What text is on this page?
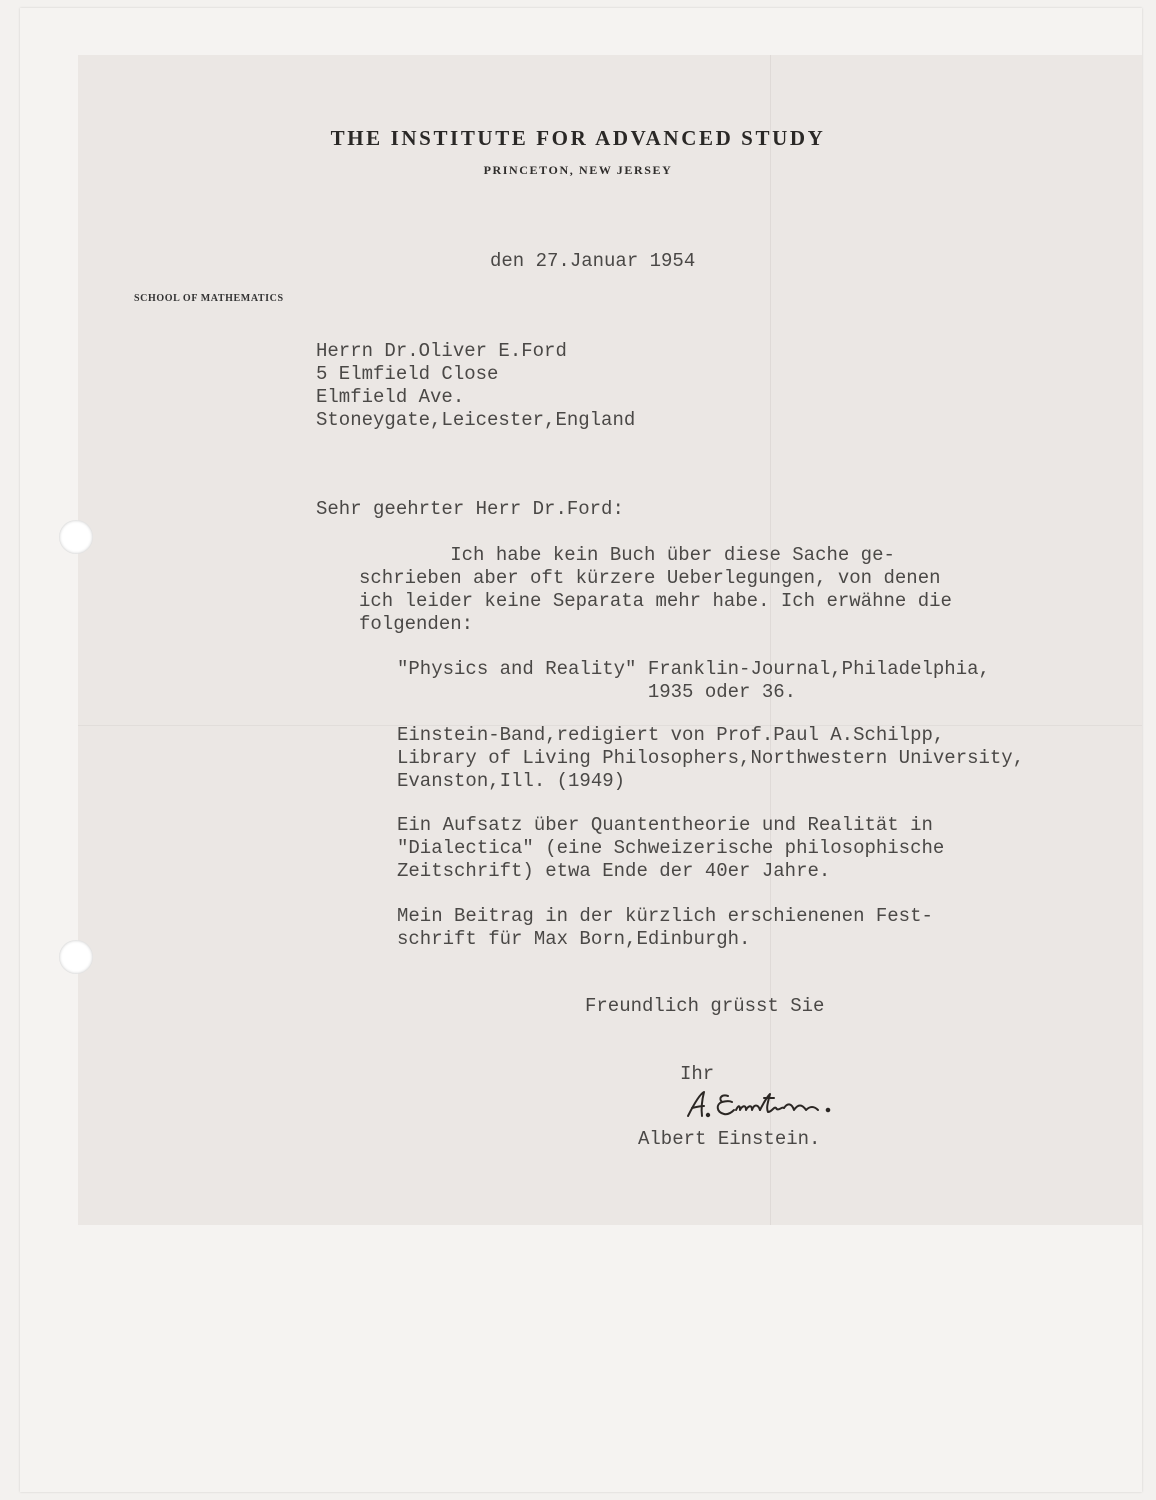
THE INSTITUTE FOR ADVANCED STUDY
PRINCETON, NEW JERSEY
SCHOOL OF MATHEMATICS
den 27.Januar 1954
Herrn Dr.Oliver E.Ford
5 Elmfield Close
Elmfield Ave.
Stoneygate,Leicester,England
Sehr geehrter Herr Dr.Ford:
Ich habe kein Buch über diese Sache ge-
schrieben aber oft kürzere Ueberlegungen, von denen
ich leider keine Separata mehr habe. Ich erwähne die
folgenden:
"Physics and Reality" Franklin-Journal,Philadelphia,
1935 oder 36.
Einstein-Band,redigiert von Prof.Paul A.Schilpp,
Library of Living Philosophers,Northwestern University,
Evanston,Ill. (1949)
Ein Aufsatz über Quantentheorie und Realität in
"Dialectica" (eine Schweizerische philosophische
Zeitschrift) etwa Ende der 40er Jahre.
Mein Beitrag in der kürzlich erschienenen Fest-
schrift für Max Born,Edinburgh.
Freundlich grüsst Sie
Ihr
Albert Einstein.
